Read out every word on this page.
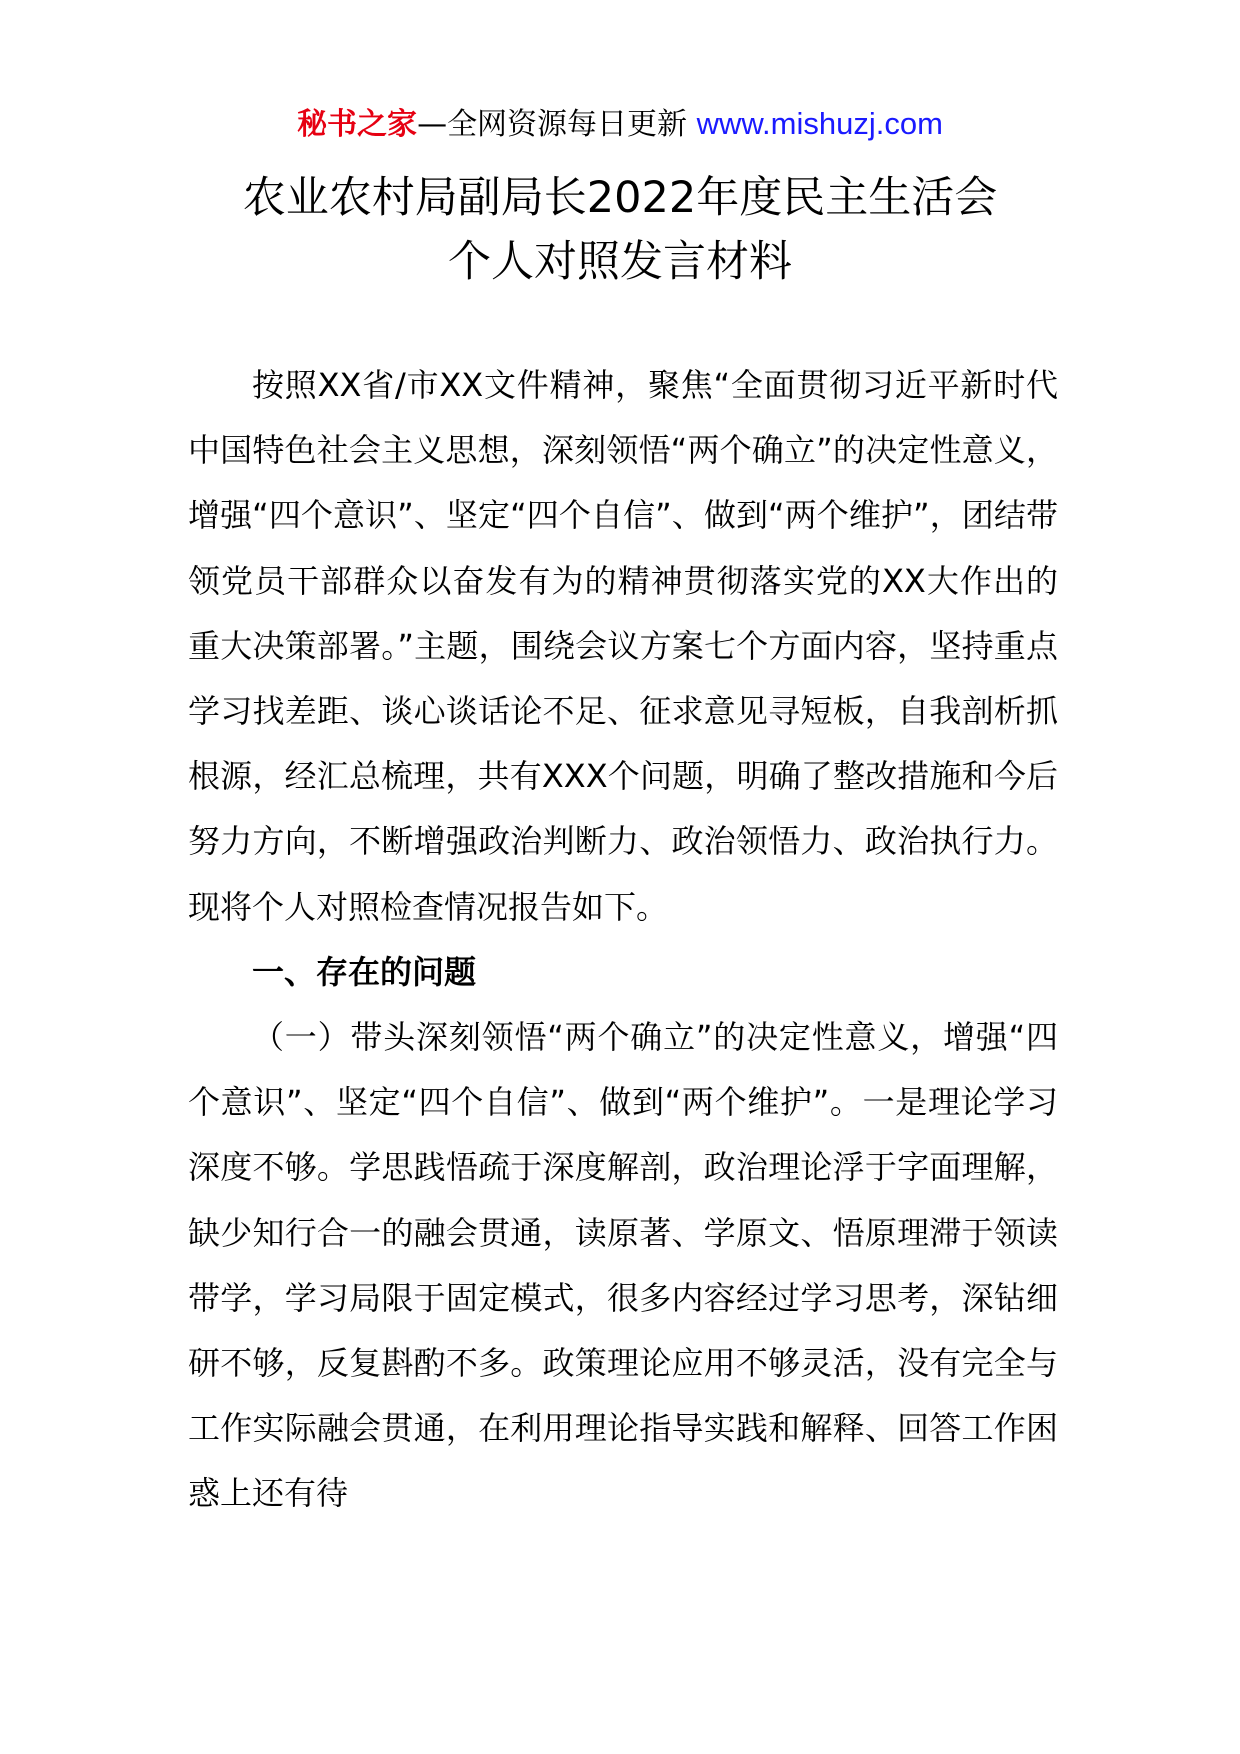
秘书之家—全网资源每日更新 www.mishuzj.com
农业农村局副局长2022年度民主生活会
个人对照发言材料

按照XX省/市XX文件精神，聚焦“全面贯彻习近平新时代中国特色社会主义思想，深刻领悟“两个确立”的决定性意义，增强“四个意识”、坚定“四个自信”、做到“两个维护”，团结带领党员干部群众以奋发有为的精神贯彻落实党的XX大作出的重大决策部署。”主题，围绕会议方案七个方面内容，坚持重点学习找差距、谈心谈话论不足、征求意见寻短板，自我剖析抓根源，经汇总梳理，共有XXX个问题，明确了整改措施和今后努力方向，不断增强政治判断力、政治领悟力、政治执行力。现将个人对照检查情况报告如下。

一、存在的问题

（一）带头深刻领悟“两个确立”的决定性意义，增强“四个意识”、坚定“四个自信”、做到“两个维护”。一是理论学习深度不够。学思践悟疏于深度解剖，政治理论浮于字面理解，缺少知行合一的融会贯通，读原著、学原文、悟原理滞于领读带学，学习局限于固定模式，很多内容经过学习思考，深钻细研不够，反复斟酌不多。政策理论应用不够灵活，没有完全与工作实际融会贯通，在利用理论指导实践和解释、回答工作困惑上还有待
